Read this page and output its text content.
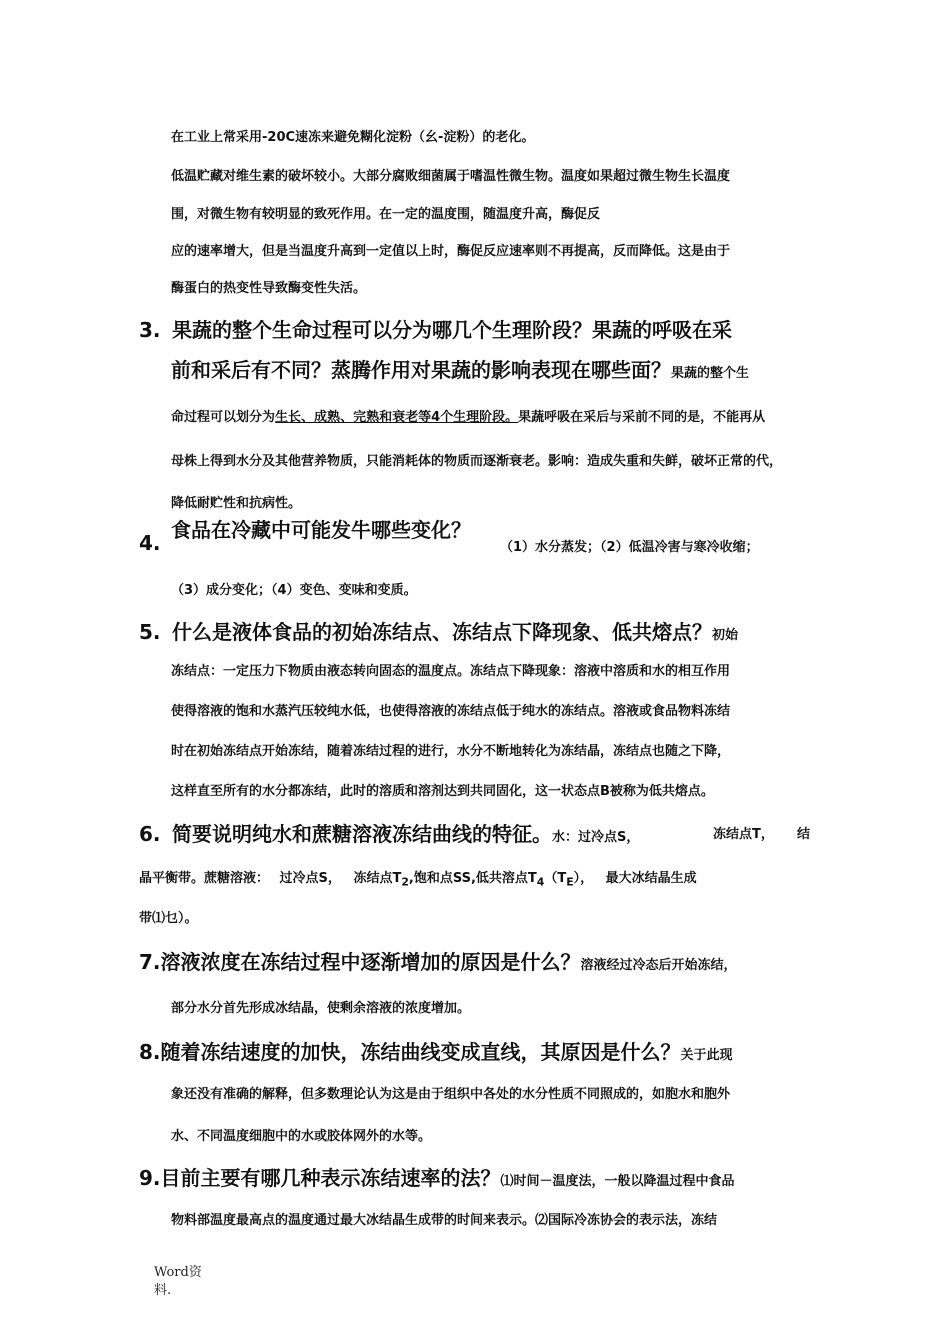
在工业上常采用-20C速冻来避免糊化淀粉（幺-淀粉）的老化。
低温贮藏对维生素的破坏较小。大部分腐败细菌属于嗜温性微生物。温度如果超过微生物生长温度
围，对微生物有较明显的致死作用。在一定的温度围，随温度升高，酶促反
应的速率增大，但是当温度升高到一定值以上时，酶促反应速率则不再提高，反而降低。这是由于
酶蛋白的热变性导致酶变性失活。
3. 果蔬的整个生命过程可以分为哪几个生理阶段？果蔬的呼吸在采
前和采后有不同？蒸腾作用对果蔬的影响表现在哪些面？果蔬的整个生
命过程可以划分为生长、成熟、完熟和衰老等4个生理阶段。果蔬呼吸在采后与采前不同的是，不能再从
母株上得到水分及其他营养物质，只能消耗体的物质而逐渐衰老。影响：造成失重和失鲜，破坏正常的代，
降低耐贮性和抗病性。
4.
食品在冷藏中可能发牛哪些变化？
（1）水分蒸发；（2）低温冷害与寒冷收缩；
（3）成分变化；（4）变色、变味和变质。
5. 什么是液体食品的初始冻结点、冻结点下降现象、低共熔点？初始
冻结点：一定压力下物质由液态转向固态的温度点。冻结点下降现象：溶液中溶质和水的相互作用
使得溶液的饱和水蒸汽压较纯水低，也使得溶液的冻结点低于纯水的冻结点。溶液或食品物料冻结
时在初始冻结点开始冻结，随着冻结过程的进行，水分不断地转化为冻结晶，冻结点也随之下降，
这样直至所有的水分都冻结，此时的溶质和溶剂达到共同固化，这一状态点B被称为低共熔点。
6. 简要说明纯水和蔗糖溶液冻结曲线的特征。水：过冷点S，	冻结点T， 结
晶平衡带。蔗糖溶液： 过冷点S， 冻结点$T_2$,饱和点SS,低共溶点$T_4(T_E)$， 最大冰结晶生成
带⑴乜）。
7.溶液浓度在冻结过程中逐渐增加的原因是什么？溶液经过冷态后开始冻结，
部分水分首先形成冰结晶，使剩余溶液的浓度增加。
8.随着冻结速度的加快，冻结曲线变成直线，其原因是什么？关于此现
象还没有准确的解释，但多数理论认为这是由于组织中各处的水分性质不同照成的，如胞水和胞外
水、不同温度细胞中的水或胶体网外的水等。
9.目前主要有哪几种表示冻结速率的法？⑴时间－温度法，一般以降温过程中食品
物料部温度最高点的温度通过最大冰结晶生成带的时间来表示。⑵国际冷冻协会的表示法，冻结
Word资
料.
